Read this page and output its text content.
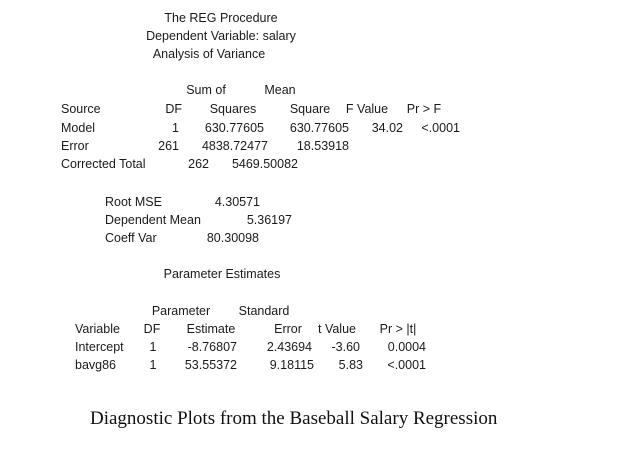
The REG Procedure
Dependent Variable: salary
Analysis of Variance
Sum of	Mean
Source	DF Squares	Square F Value Pr > F
Model	1 630.77605 630.77605 34.02 <.0001
Error	261 4838.72477 18.53918
Corrected Total	262 5469.50082
Root MSE	4.30571
Dependent Mean	5.36197
Coeff Var	80.30098
Parameter Estimates
Parameter Standard
Variable DF Estimate	Error t Value Pr > |t|
Intercept 1 -8.76807 2.43694 -3.60 0.0004
bavg86	1 53.55372	9.18115 5.83 <.0001
Diagnostic Plots from the Baseball Salary Regression
